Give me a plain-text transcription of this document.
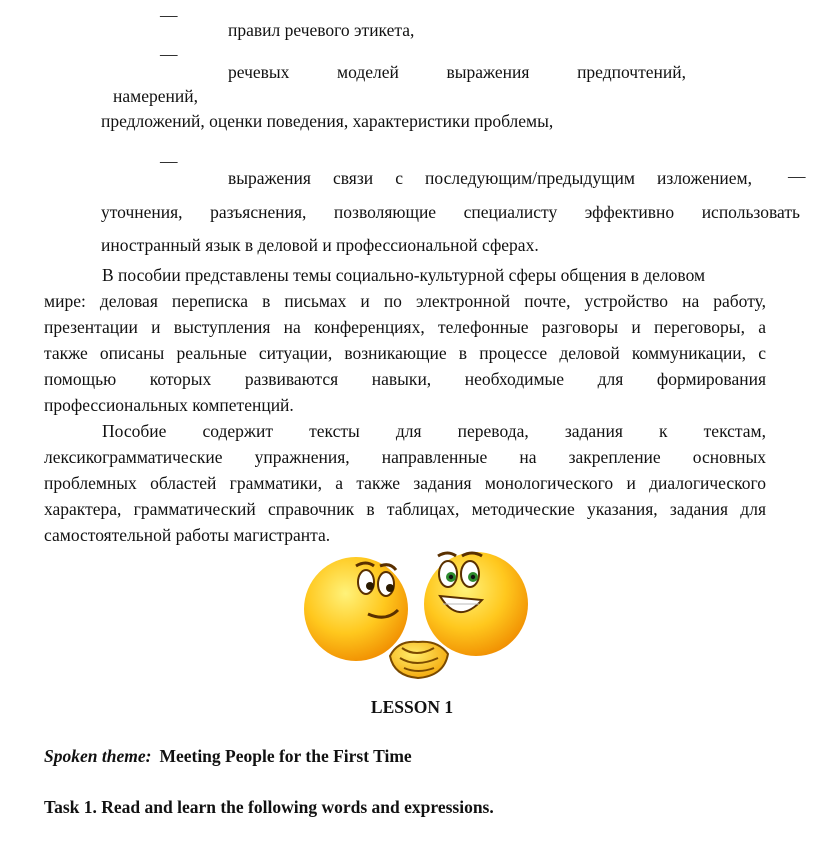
—
правил речевого этикета,
—
речевых	моделей	выражения	предпочтений,
намерений,
предложений, оценки поведения, характеристики проблемы,
—
выражения связи с последующим/предыдущим изложением, —
уточнения, разъяснения, позволяющие специалисту эффективно использовать
иностранный язык в деловой и профессиональной сферах.
В пособии представлены темы социально-культурной сферы общения в деловом
мире: деловая переписка в письмах и по электронной почте, устройство на работу,
презентации и выступления на конференциях, телефонные разговоры и переговоры, а
также описаны реальные ситуации, возникающие в процессе деловой коммуникации, с
помощью которых развиваются навыки, необходимые для формирования
профессиональных компетенций.
Пособие содержит тексты для перевода, задания к текстам,
лексикограмматические упражнения, направленные на закрепление основных
проблемных областей грамматики, а также задания монологического и диалогического
характера, грамматический справочник в таблицах, методические указания, задания для
самостоятельной работы магистранта.
LESSON 1
Spoken theme: Meeting People for the First Time
Task 1. Read and learn the following words and expressions.
